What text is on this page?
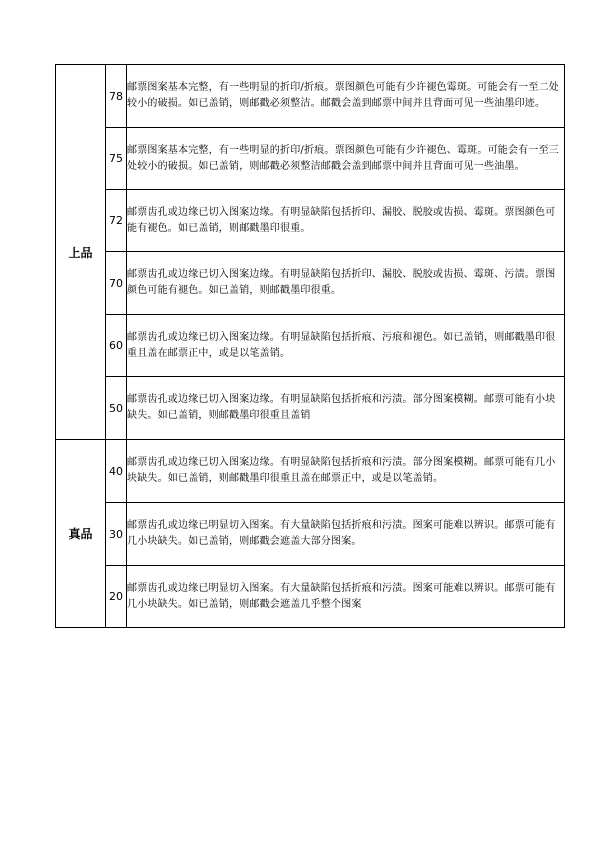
上品	78	邮票图案基本完整，有一些明显的折印/折痕。票图颜色可能有少许褪色霉斑。可能会有一至二处较小的破损。如已盖销，则邮戳必须整洁。邮戳会盖到邮票中间并且背面可见一些油墨印迹。
	75	邮票图案基本完整，有一些明显的折印/折痕。票图颜色可能有少许褪色、霉斑。可能会有一至三处较小的破损。如已盖销，则邮戳必须整洁邮戳会盖到邮票中间并且背面可见一些油墨。
	72	邮票齿孔或边缘已切入图案边缘。有明显缺陷包括折印、漏胶、脱胶或齿损、霉斑。票图颜色可能有褪色。如已盖销，则邮戳墨印很重。
	70	邮票齿孔或边缘已切入图案边缘。有明显缺陷包括折印、漏胶、脱胶或齿损、霉斑、污渍。票图颜色可能有褪色。如已盖销，则邮戳墨印很重。
	60	邮票齿孔或边缘已切入图案边缘。有明显缺陷包括折痕、污痕和褪色。如已盖销，则邮戳墨印很重且盖在邮票正中，或是以笔盖销。
	50	邮票齿孔或边缘已切入图案边缘。有明显缺陷包括折痕和污渍。部分图案模糊。邮票可能有小块缺失。如已盖销，则邮戳墨印很重且盖销
真品	40	邮票齿孔或边缘已切入图案边缘。有明显缺陷包括折痕和污渍。部分图案模糊。邮票可能有几小块缺失。如已盖销，则邮戳墨印很重且盖在邮票正中，或是以笔盖销。
	30	邮票齿孔或边缘已明显切入图案。有大量缺陷包括折痕和污渍。图案可能难以辨识。邮票可能有几小块缺失。如已盖销，则邮戳会遮盖大部分图案。
	20	邮票齿孔或边缘已明显切入图案。有大量缺陷包括折痕和污渍。图案可能难以辨识。邮票可能有几小块缺失。如已盖销，则邮戳会遮盖几乎整个图案
